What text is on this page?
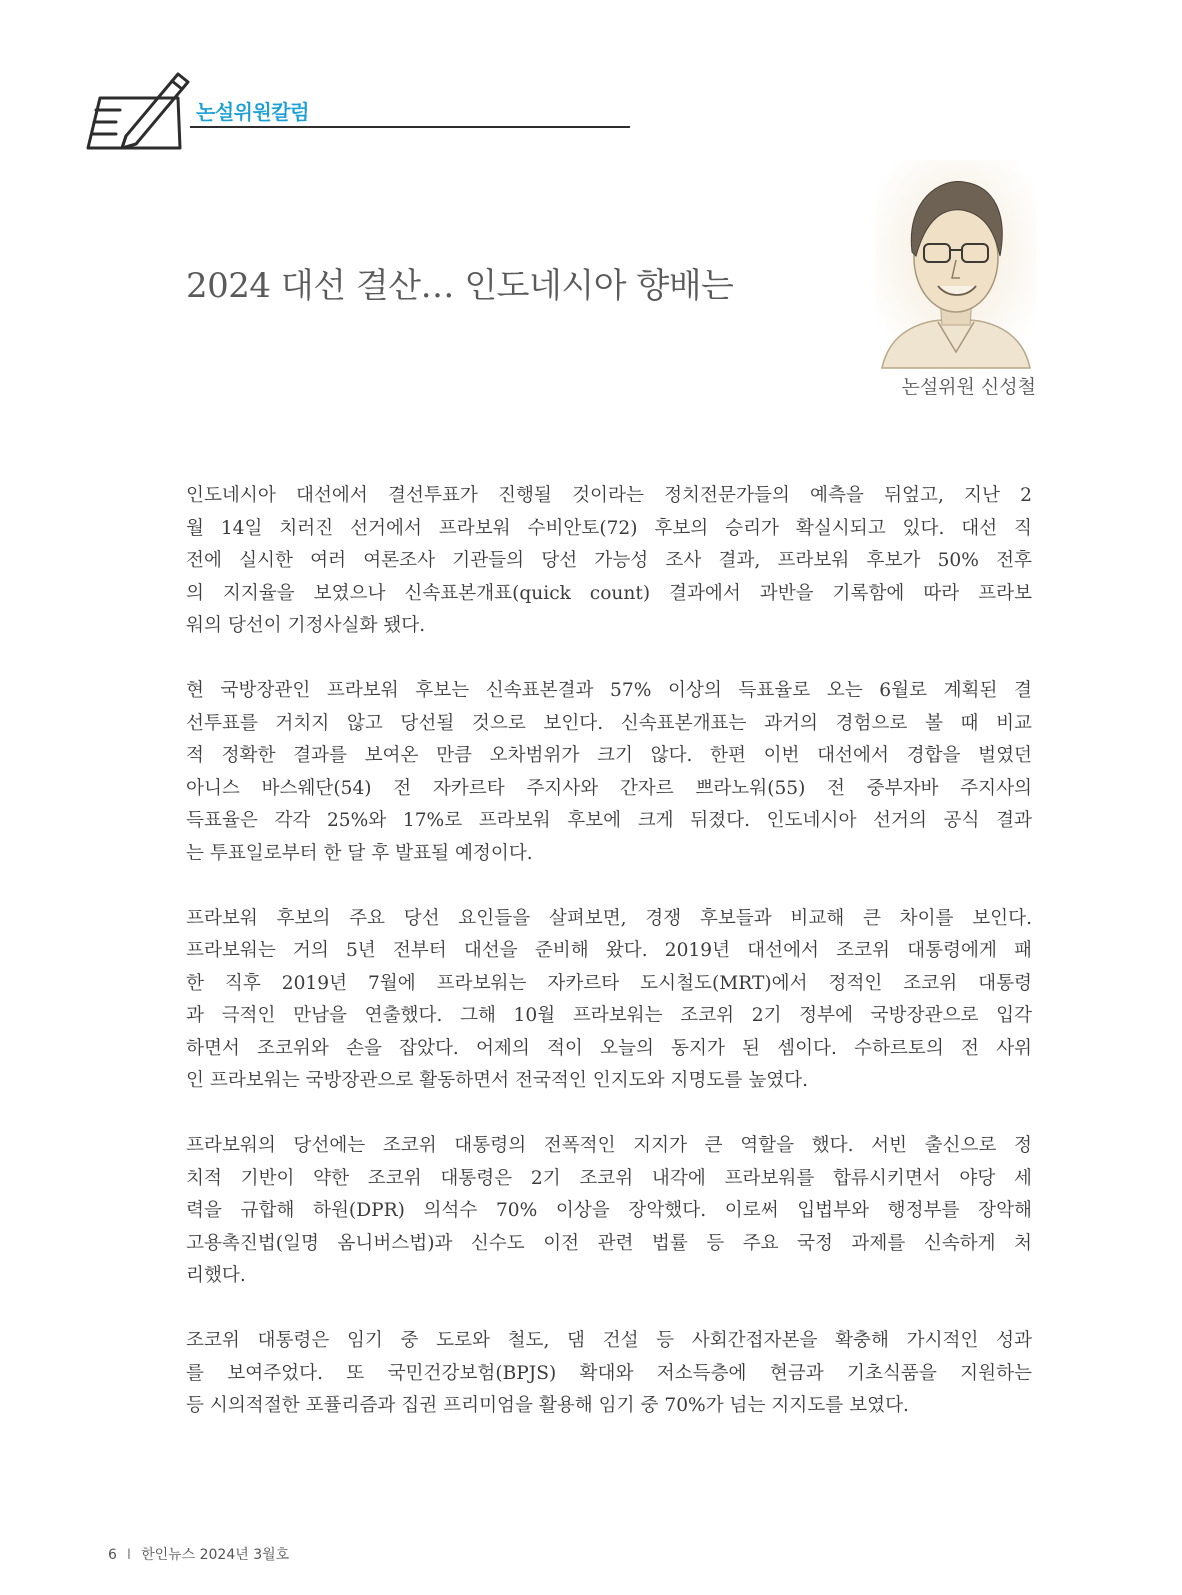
논설위원칼럼
2024 대선 결산… 인도네시아 향배는
논설위원 신성철

인도네시아 대선에서 결선투표가 진행될 것이라는 정치전문가들의 예측을 뒤엎고, 지난 2
월 14일 치러진 선거에서 프라보워 수비안토(72) 후보의 승리가 확실시되고 있다. 대선 직
전에 실시한 여러 여론조사 기관들의 당선 가능성 조사 결과, 프라보워 후보가 50% 전후
의 지지율을 보였으나 신속표본개표(quick count) 결과에서 과반을 기록함에 따라 프라보
워의 당선이 기정사실화 됐다.

현 국방장관인 프라보워 후보는 신속표본결과 57% 이상의 득표율로 오는 6월로 계획된 결
선투표를 거치지 않고 당선될 것으로 보인다. 신속표본개표는 과거의 경험으로 볼 때 비교
적 정확한 결과를 보여온 만큼 오차범위가 크기 않다. 한편 이번 대선에서 경합을 벌였던
아니스 바스웨단(54) 전 자카르타 주지사와 간자르 쁘라노워(55) 전 중부자바 주지사의
득표율은 각각 25%와 17%로 프라보워 후보에 크게 뒤졌다. 인도네시아 선거의 공식 결과
는 투표일로부터 한 달 후 발표될 예정이다.

프라보워 후보의 주요 당선 요인들을 살펴보면, 경쟁 후보들과 비교해 큰 차이를 보인다.
프라보워는 거의 5년 전부터 대선을 준비해 왔다. 2019년 대선에서 조코위 대통령에게 패
한 직후 2019년 7월에 프라보워는 자카르타 도시철도(MRT)에서 정적인 조코위 대통령
과 극적인 만남을 연출했다. 그해 10월 프라보워는 조코위 2기 정부에 국방장관으로 입각
하면서 조코위와 손을 잡았다. 어제의 적이 오늘의 동지가 된 셈이다. 수하르토의 전 사위
인 프라보워는 국방장관으로 활동하면서 전국적인 인지도와 지명도를 높였다.

프라보워의 당선에는 조코위 대통령의 전폭적인 지지가 큰 역할을 했다. 서빈 출신으로 정
치적 기반이 약한 조코위 대통령은 2기 조코위 내각에 프라보워를 합류시키면서 야당 세
력을 규합해 하원(DPR) 의석수 70% 이상을 장악했다. 이로써 입법부와 행정부를 장악해
고용촉진법(일명 옴니버스법)과 신수도 이전 관련 법률 등 주요 국정 과제를 신속하게 처
리했다.

조코위 대통령은 임기 중 도로와 철도, 댐 건설 등 사회간접자본을 확충해 가시적인 성과
를 보여주었다. 또 국민건강보험(BPJS) 확대와 저소득층에 현금과 기초식품을 지원하는
등 시의적절한 포퓰리즘과 집권 프리미엄을 활용해 임기 중 70%가 넘는 지지도를 보였다.

6 I 한인뉴스 2024년 3월호
